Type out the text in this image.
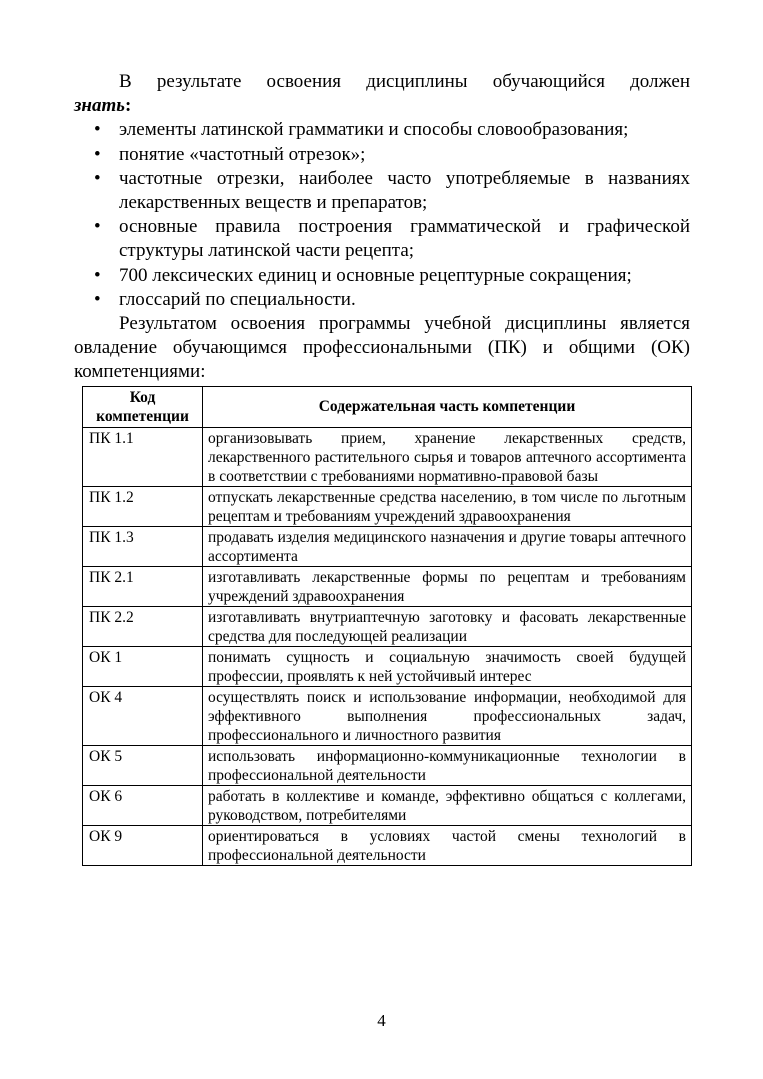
В результате освоения дисциплины обучающийся должен

знать:

• элементы латинской грамматики и способы словообразования;
• понятие «частотный отрезок»;
• частотные отрезки, наиболее часто употребляемые в названиях лекарственных веществ и препаратов;
• основные правила построения грамматической и графической структуры латинской части рецепта;
• 700 лексических единиц и основные рецептурные сокращения;
• глоссарий по специальности.

Результатом освоения программы учебной дисциплины является овладение обучающимся профессиональными (ПК) и общими (ОК) компетенциями:

Код компетенции	Содержательная часть компетенции
ПК 1.1	организовывать прием, хранение лекарственных средств, лекарственного растительного сырья и товаров аптечного ассортимента в соответствии с требованиями нормативно-правовой базы
ПК 1.2	отпускать лекарственные средства населению, в том числе по льготным рецептам и требованиям учреждений здравоохранения
ПК 1.3	продавать изделия медицинского назначения и другие товары аптечного ассортимента
ПК 2.1	изготавливать лекарственные формы по рецептам и требованиям учреждений здравоохранения
ПК 2.2	изготавливать внутриаптечную заготовку и фасовать лекарственные средства для последующей реализации
ОК 1	понимать сущность и социальную значимость своей будущей профессии, проявлять к ней устойчивый интерес
ОК 4	осуществлять поиск и использование информации, необходимой для эффективного выполнения профессиональных задач, профессионального и личностного развития
ОК 5	использовать информационно-коммуникационные технологии в профессиональной деятельности
ОК 6	работать в коллективе и команде, эффективно общаться с коллегами, руководством, потребителями
ОК 9	ориентироваться в условиях частой смены технологий в профессиональной деятельности
4
